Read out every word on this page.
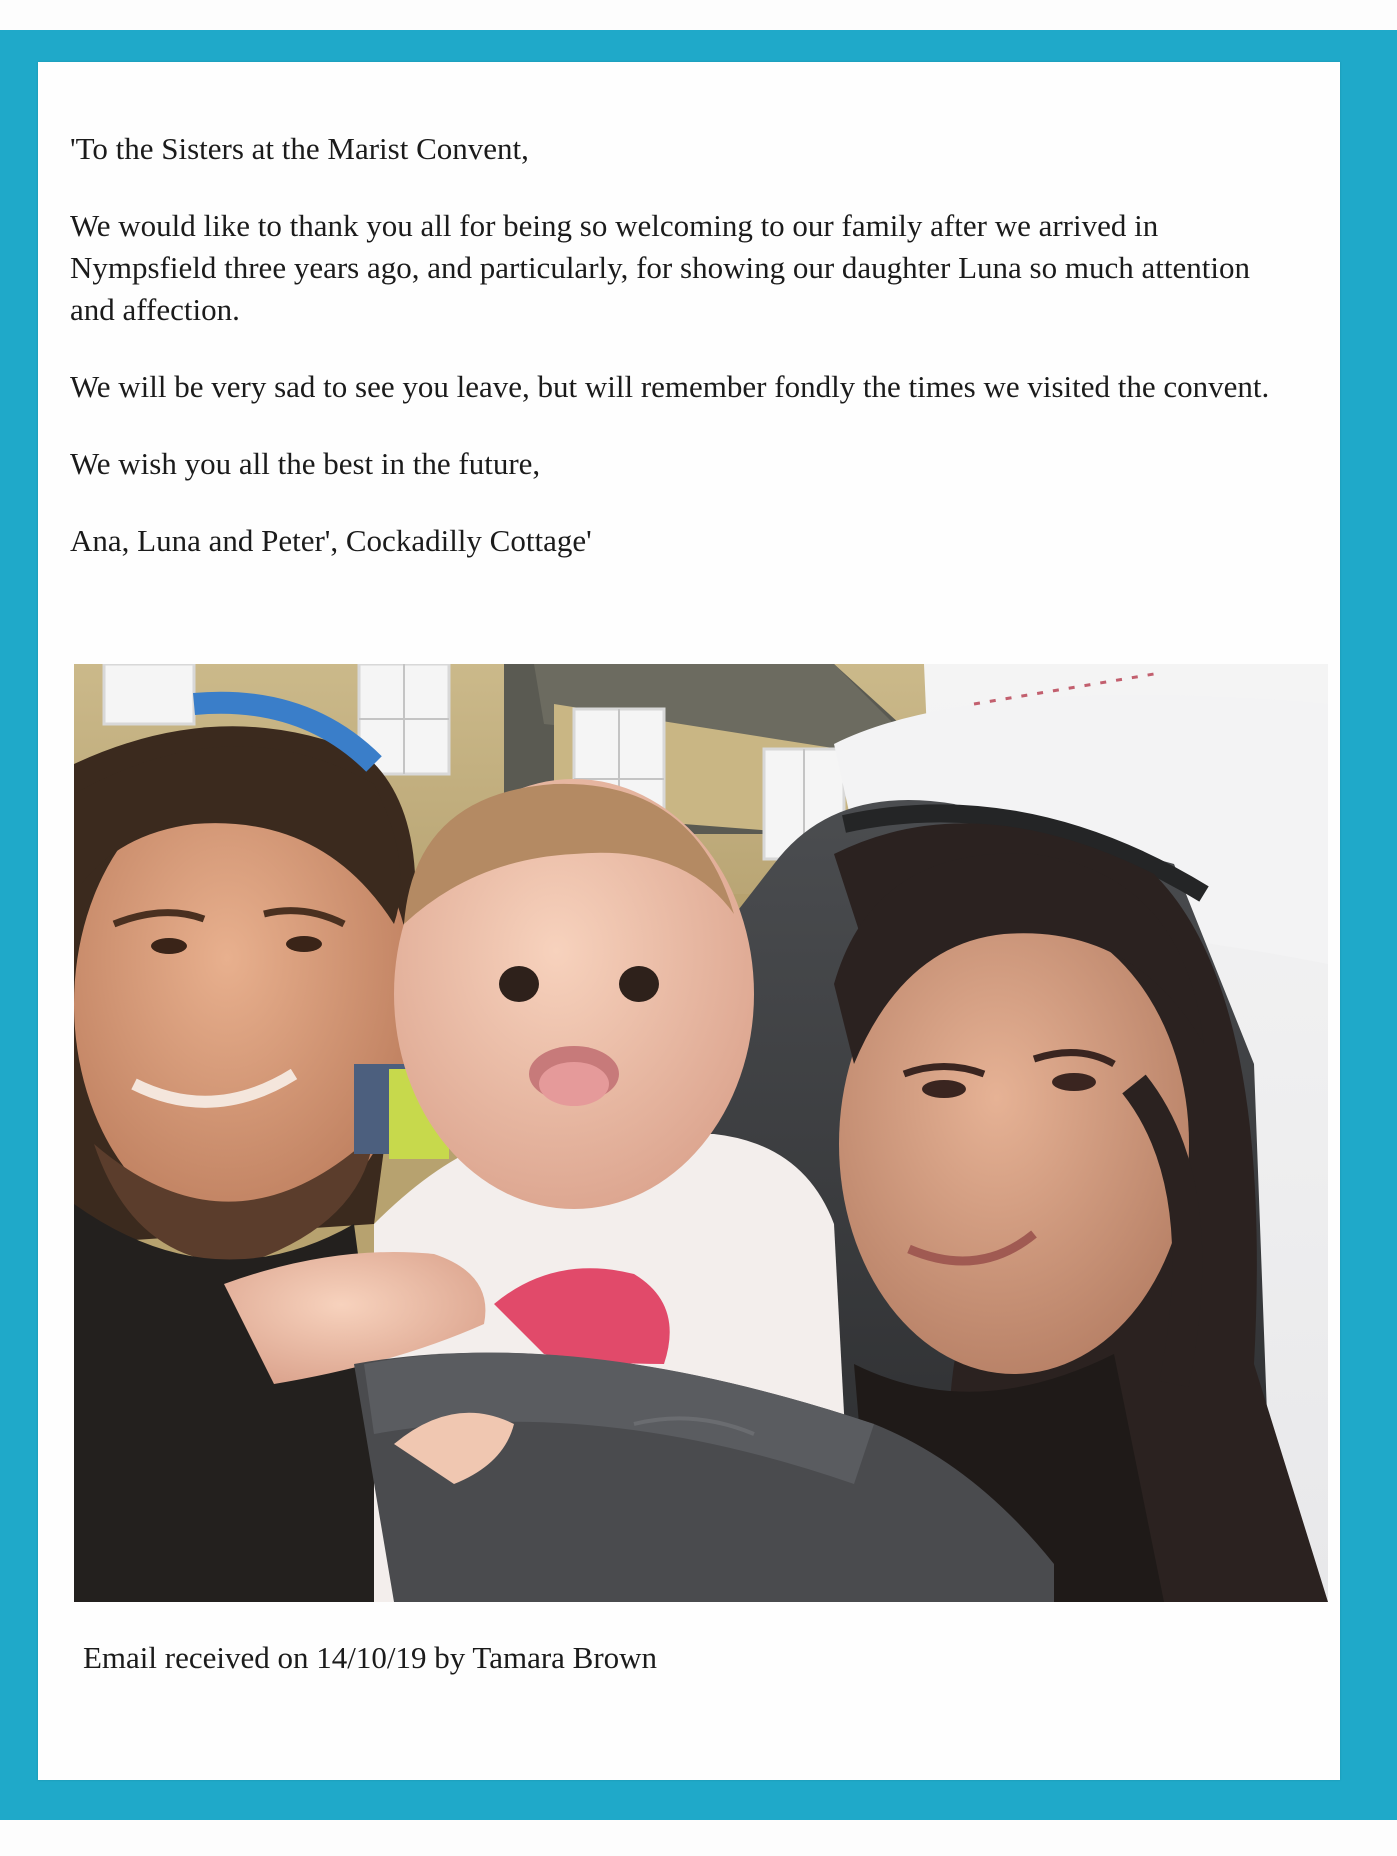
'To the Sisters at the Marist Convent,

We would like to thank you all for being so welcoming to our family after we arrived in Nympsfield three years ago, and particularly, for showing our daughter Luna so much attention and affection.

We will be very sad to see you leave, but will remember fondly the times we visited the convent.

We wish you all the best in the future,

Ana, Luna and Peter', Cockadilly Cottage'

Email received on 14/10/19 by Tamara Brown
